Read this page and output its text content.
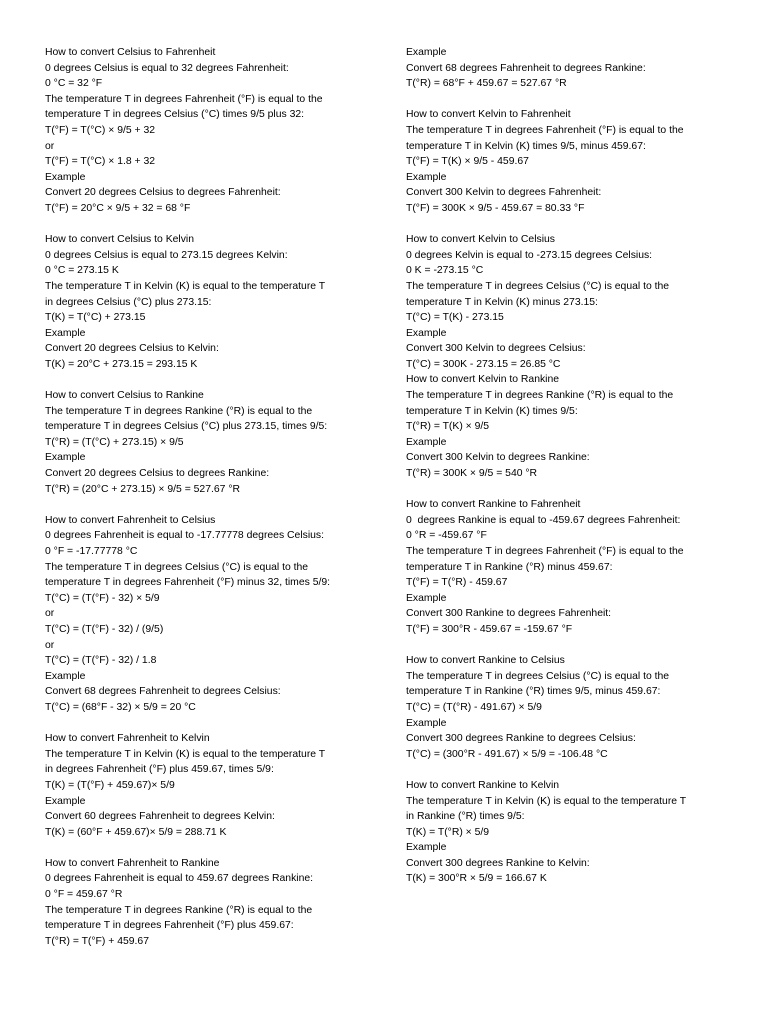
How to convert Celsius to Fahrenheit
0 degrees Celsius is equal to 32 degrees Fahrenheit:
0 °C = 32 °F
The temperature T in degrees Fahrenheit (°F) is equal to the
temperature T in degrees Celsius (°C) times 9/5 plus 32:
T(°F) = T(°C) × 9/5 + 32
or
T(°F) = T(°C) × 1.8 + 32
Example
Convert 20 degrees Celsius to degrees Fahrenheit:
T(°F) = 20°C × 9/5 + 32 = 68 °F
How to convert Celsius to Kelvin
0 degrees Celsius is equal to 273.15 degrees Kelvin:
0 °C = 273.15 K
The temperature T in Kelvin (K) is equal to the temperature T
in degrees Celsius (°C) plus 273.15:
T(K) = T(°C) + 273.15
Example
Convert 20 degrees Celsius to Kelvin:
T(K) = 20°C + 273.15 = 293.15 K
How to convert Celsius to Rankine
The temperature T in degrees Rankine (°R) is equal to the
temperature T in degrees Celsius (°C) plus 273.15, times 9/5:
T(°R) = (T(°C) + 273.15) × 9/5
Example
Convert 20 degrees Celsius to degrees Rankine:
T(°R) = (20°C + 273.15) × 9/5 = 527.67 °R
How to convert Fahrenheit to Celsius
0 degrees Fahrenheit is equal to -17.77778 degrees Celsius:
0 °F = -17.77778 °C
The temperature T in degrees Celsius (°C) is equal to the
temperature T in degrees Fahrenheit (°F) minus 32, times 5/9:
T(°C) = (T(°F) - 32) × 5/9
or
T(°C) = (T(°F) - 32) / (9/5)
or
T(°C) = (T(°F) - 32) / 1.8
Example
Convert 68 degrees Fahrenheit to degrees Celsius:
T(°C) = (68°F - 32) × 5/9 = 20 °C
How to convert Fahrenheit to Kelvin
The temperature T in Kelvin (K) is equal to the temperature T
in degrees Fahrenheit (°F) plus 459.67, times 5/9:
T(K) = (T(°F) + 459.67)× 5/9
Example
Convert 60 degrees Fahrenheit to degrees Kelvin:
T(K) = (60°F + 459.67)× 5/9 = 288.71 K
How to convert Fahrenheit to Rankine
0 degrees Fahrenheit is equal to 459.67 degrees Rankine:
0 °F = 459.67 °R
The temperature T in degrees Rankine (°R) is equal to the
temperature T in degrees Fahrenheit (°F) plus 459.67:
T(°R) = T(°F) + 459.67
Example
Convert 68 degrees Fahrenheit to degrees Rankine:
T(°R) = 68°F + 459.67 = 527.67 °R
How to convert Kelvin to Fahrenheit
The temperature T in degrees Fahrenheit (°F) is equal to the
temperature T in Kelvin (K) times 9/5, minus 459.67:
T(°F) = T(K) × 9/5 - 459.67
Example
Convert 300 Kelvin to degrees Fahrenheit:
T(°F) = 300K × 9/5 - 459.67 = 80.33 °F
How to convert Kelvin to Celsius
0 degrees Kelvin is equal to -273.15 degrees Celsius:
0 K = -273.15 °C
The temperature T in degrees Celsius (°C) is equal to the
temperature T in Kelvin (K) minus 273.15:
T(°C) = T(K) - 273.15
Example
Convert 300 Kelvin to degrees Celsius:
T(°C) = 300K - 273.15 = 26.85 °C
How to convert Kelvin to Rankine
The temperature T in degrees Rankine (°R) is equal to the
temperature T in Kelvin (K) times 9/5:
T(°R) = T(K) × 9/5
Example
Convert 300 Kelvin to degrees Rankine:
T(°R) = 300K × 9/5 = 540 °R
How to convert Rankine to Fahrenheit
0  degrees Rankine is equal to -459.67 degrees Fahrenheit:
0 °R = -459.67 °F
The temperature T in degrees Fahrenheit (°F) is equal to the
temperature T in Rankine (°R) minus 459.67:
T(°F) = T(°R) - 459.67
Example
Convert 300 Rankine to degrees Fahrenheit:
T(°F) = 300°R - 459.67 = -159.67 °F
How to convert Rankine to Celsius
The temperature T in degrees Celsius (°C) is equal to the
temperature T in Rankine (°R) times 9/5, minus 459.67:
T(°C) = (T(°R) - 491.67) × 5/9
Example
Convert 300 degrees Rankine to degrees Celsius:
T(°C) = (300°R - 491.67) × 5/9 = -106.48 °C
How to convert Rankine to Kelvin
The temperature T in Kelvin (K) is equal to the temperature T
in Rankine (°R) times 9/5:
T(K) = T(°R) × 5/9
Example
Convert 300 degrees Rankine to Kelvin:
T(K) = 300°R × 5/9 = 166.67 K
